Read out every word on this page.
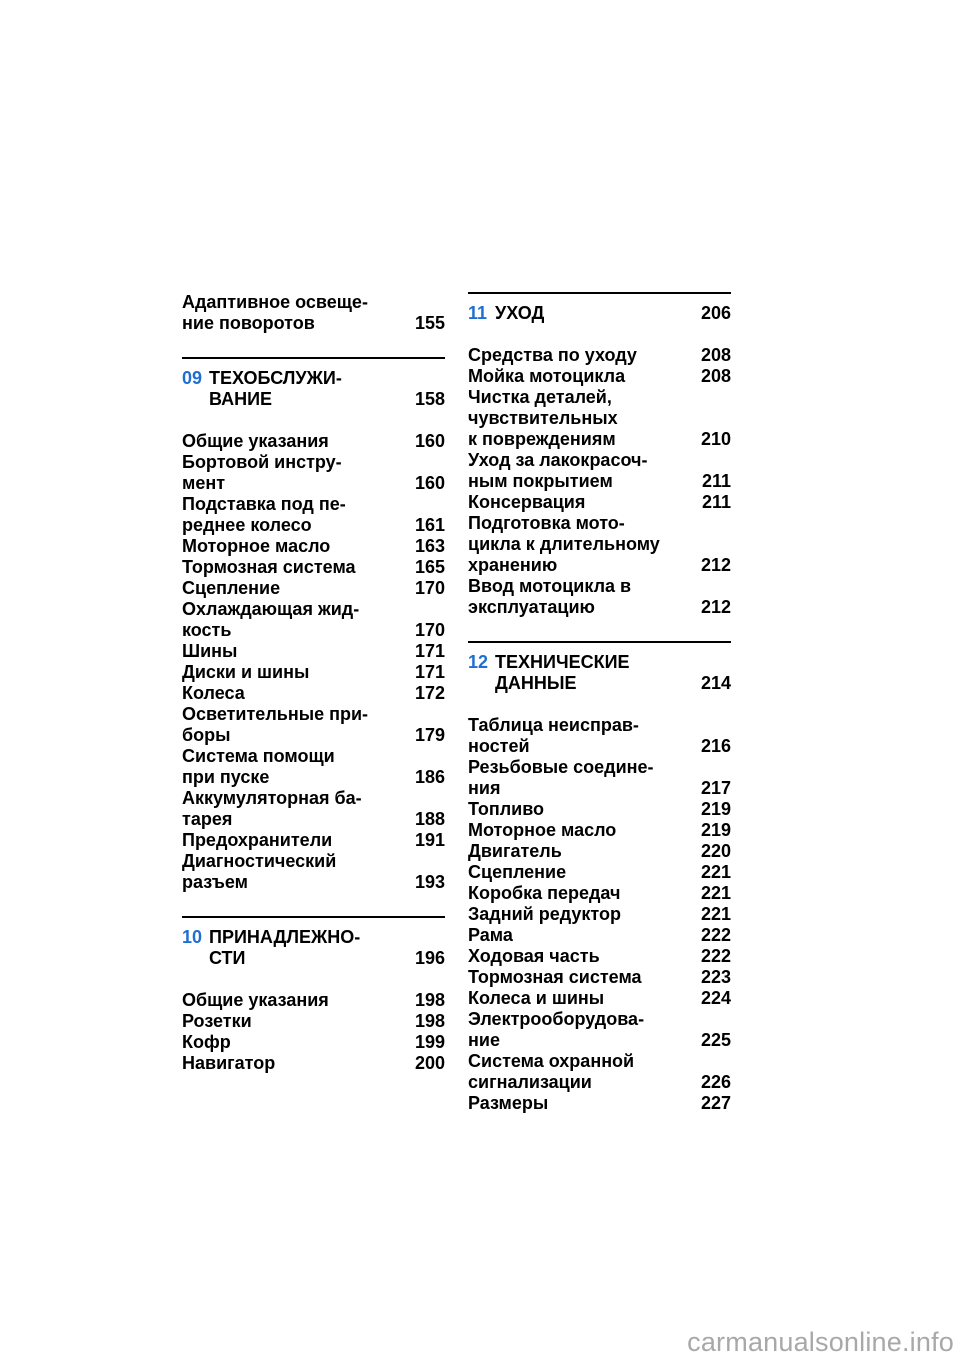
Адаптивное освеще-
ние поворотов	155
09 ТЕХОБСЛУЖИ-
ВАНИЕ	158
Общие указания	160
Бортовой инстру-
мент	160
Подставка под пе-
реднее колесо	161
Моторное масло	163
Тормозная система	165
Сцепление	170
Охлаждающая жид-
кость	170
Шины	171
Диски и шины	171
Колеса	172
Осветительные при-
боры	179
Система помощи
при пуске	186
Аккумуляторная ба-
тарея	188
Предохранители	191
Диагностический
разъем	193
10 ПРИНАДЛЕЖНО-
СТИ	196
Общие указания	198
Розетки	198
Кофр	199
Навигатор	200
11 УХОД	206
Средства по уходу	208
Мойка мотоцикла	208
Чистка деталей,
чувствительных
к повреждениям	210
Уход за лакокрасоч-
ным покрытием	211
Консервация	211
Подготовка мото-
цикла к длительному
хранению	212
Ввод мотоцикла в
эксплуатацию	212
12 ТЕХНИЧЕСКИЕ
ДАННЫЕ	214
Таблица неисправ-
ностей	216
Резьбовые соедине-
ния	217
Топливо	219
Моторное масло	219
Двигатель	220
Сцепление	221
Коробка передач	221
Задний редуктор	221
Рама	222
Ходовая часть	222
Тормозная система	223
Колеса и шины	224
Электрооборудова-
ние	225
Система охранной
сигнализации	226
Размеры	227
carmanualsonline.info
